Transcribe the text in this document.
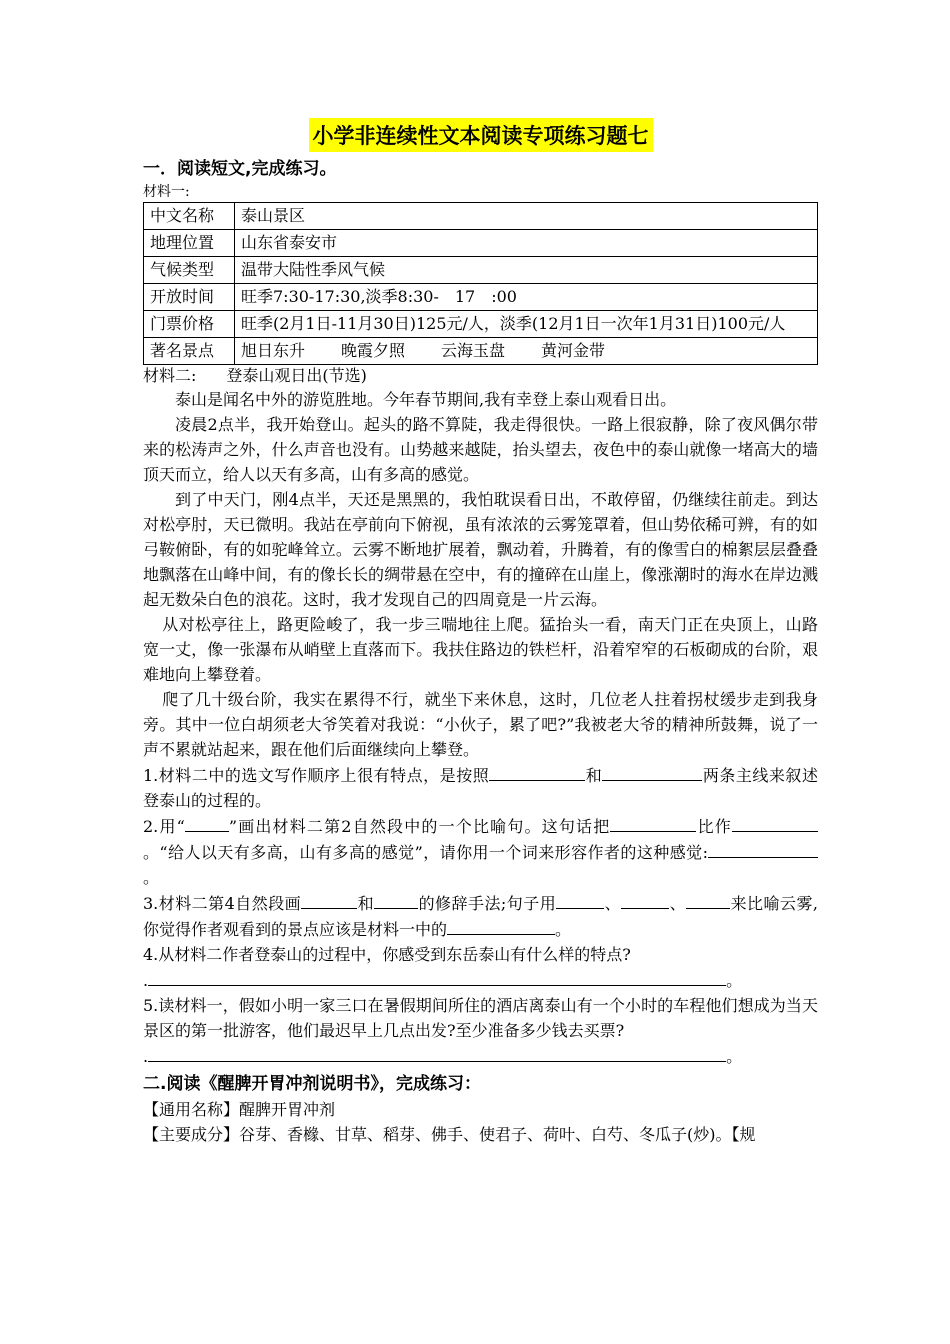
小学非连续性文本阅读专项练习题七
一．阅读短文,完成练习。
材料一:
中文名称	泰山景区
地理位置	山东省泰安市
气候类型	温带大陆性季风气候
开放时间	旺季7:30-17:30,淡季8:30-　17　:00
门票价格	旺季(2月1日-11月30日)125元/人，淡季(12月1日一次年1月31日)100元/人
著名景点	旭日东升 晚霞夕照 云海玉盘 黄河金带
材料二: 登泰山观日出(节选)
泰山是闻名中外的游览胜地。今年春节期间,我有幸登上泰山观看日出。
凌晨2点半，我开始登山。起头的路不算陡，我走得很快。一路上很寂静，除了夜风偶尔带来的松涛声之外，什么声音也没有。山势越来越陡，抬头望去，夜色中的泰山就像一堵高大的墙顶天而立，给人以天有多高，山有多高的感觉。
到了中天门，刚4点半，天还是黑黑的，我怕耽误看日出，不敢停留，仍继续往前走。到达对松亭肘，天已微明。我站在亭前向下俯视，虽有浓浓的云雾笼罩着，但山势依稀可辨，有的如弓鞍俯卧，有的如驼峰耸立。云雾不断地扩展着，飘动着，升腾着，有的像雪白的棉絮层层叠叠地飘落在山峰中间，有的像长长的绸带悬在空中，有的撞碎在山崖上，像涨潮时的海水在岸边溅起无数朵白色的浪花。这时，我才发现自己的四周竟是一片云海。
从对松亭往上，路更险峻了，我一步三喘地往上爬。猛抬头一看，南天门正在央顶上，山路宽一丈，像一张瀑布从峭壁上直落而下。我扶住路边的铁栏杆，沿着窄窄的石板砌成的台阶，艰难地向上攀登着。
爬了几十级台阶，我实在累得不行，就坐下来休息，这时，几位老人拄着拐杖缓步走到我身旁。其中一位白胡须老大爷笑着对我说：“小伙子，累了吧?”我被老大爷的精神所鼓舞，说了一声不累就站起来，跟在他们后面继续向上攀登。
1.材料二中的选文写作顺序上很有特点，是按照	和	两条主线来叙述登泰山的过程的。
2.用“	”画出材料二第2自然段中的一个比喻句。这句话把	比作。“给人以天有多高，山有多高的感觉”，请你用一个词来形容作者的这种感觉:。
3.材料二第4自然段画	和	的修辞手法;句子用	、	、	来比喻云雾,你觉得作者观看到的景点应该是材料一中的	。
4.从材料二作者登泰山的过程中，你感受到东岳泰山有什么样的特点?
.	。
5.读材料一，假如小明一家三口在暑假期间所住的酒店离泰山有一个小时的车程他们想成为当天景区的第一批游客，他们最迟早上几点出发?至少准备多少钱去买票?
.	。
二.阅读《醒脾开胃冲剂说明书》，完成练习：
【通用名称】醒脾开胃冲剂
【主要成分】谷芽、香橼、甘草、稻芽、佛手、使君子、荷叶、白芍、冬瓜子(炒)。【规
